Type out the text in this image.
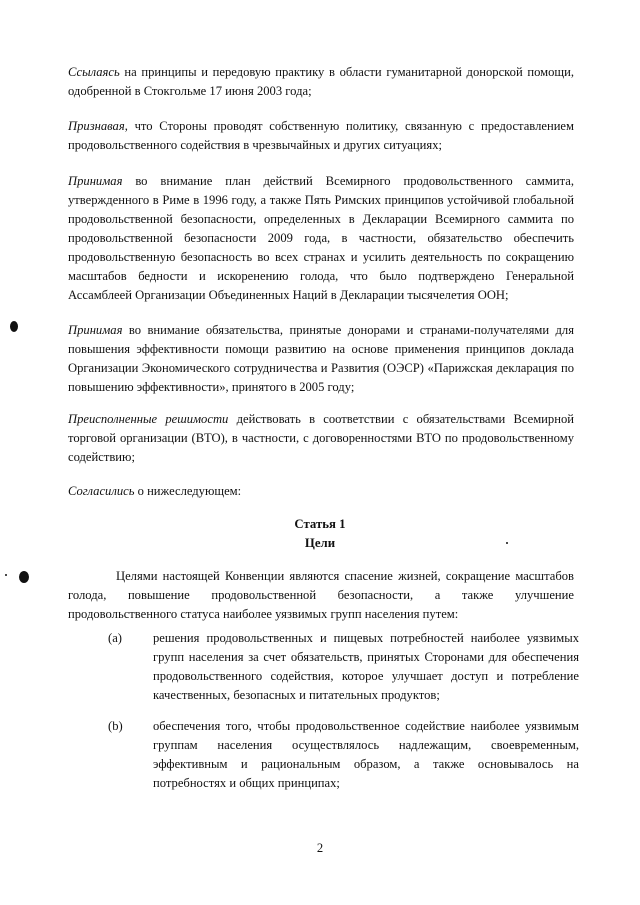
Ссылаясь на принципы и передовую практику в области гуманитарной донорской помощи, одобренной в Стокгольме 17 июня 2003 года;

Признавая, что Стороны проводят собственную политику, связанную с предоставлением продовольственного содействия в чрезвычайных и других ситуациях;

Принимая во внимание план действий Всемирного продовольственного саммита, утвержденного в Риме в 1996 году, а также Пять Римских принципов устойчивой глобальной продовольственной безопасности, определенных в Декларации Всемирного саммита по продовольственной безопасности 2009 года, в частности, обязательство обеспечить продовольственную безопасность во всех странах и усилить деятельность по сокращению масштабов бедности и искоренению голода, что было подтверждено Генеральной Ассамблеей Организации Объединенных Наций в Декларации тысячелетия ООН;

Принимая во внимание обязательства, принятые донорами и странами-получателями для повышения эффективности помощи развитию на основе применения принципов доклада Организации Экономического сотрудничества и Развития (ОЭСР) «Парижская декларация по повышению эффективности», принятого в 2005 году;

Преисполненные решимости действовать в соответствии с обязательствами Всемирной торговой организации (ВТО), в частности, с договоренностями ВТО по продовольственному содействию;

Согласились о нижеследующем:

Статья 1
Цели

Целями настоящей Конвенции являются спасение жизней, сокращение масштабов голода, повышение продовольственной безопасности, а также улучшение продовольственного статуса наиболее уязвимых групп населения путем:

(a) решения продовольственных и пищевых потребностей наиболее уязвимых групп населения за счет обязательств, принятых Сторонами для обеспечения продовольственного содействия, которое улучшает доступ и потребление качественных, безопасных и питательных продуктов;
(b) обеспечения того, чтобы продовольственное содействие наиболее уязвимым группам населения осуществлялось надлежащим, своевременным, эффективным и рациональным образом, а также основывалось на потребностях и общих принципах;
2
